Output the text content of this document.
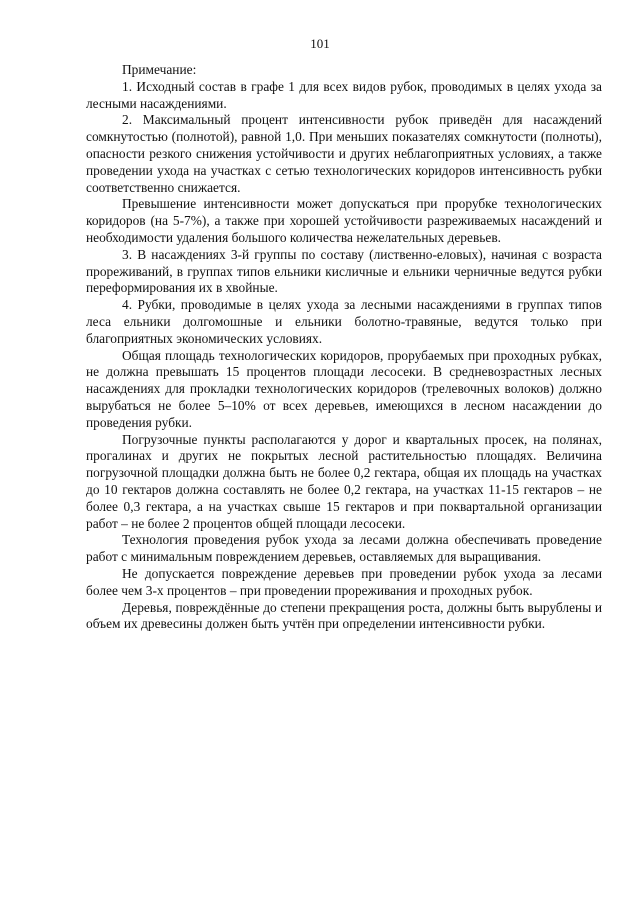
101

Примечание:

1. Исходный состав в графе 1 для всех видов рубок, проводимых в целях ухода за лесными насаждениями.

2. Максимальный процент интенсивности рубок приведён для насаждений сомкнутостью (полнотой), равной 1,0. При меньших показателях сомкнутости (полноты), опасности резкого снижения устойчивости и других неблагоприятных условиях, а также проведении ухода на участках с сетью технологических коридоров интенсивность рубки соответственно снижается.

Превышение интенсивности может допускаться при прорубке технологических коридоров (на 5-7%), а также при хорошей устойчивости разреживаемых насаждений и необходимости удаления большого количества нежелательных деревьев.

3. В насаждениях 3-й группы по составу (лиственно-еловых), начиная с возраста прореживаний, в группах типов ельники кисличные и ельники черничные ведутся рубки переформирования их в хвойные.

4. Рубки, проводимые в целях ухода за лесными насаждениями в группах типов леса ельники долгомошные и ельники болотно-травяные, ведутся только при благоприятных экономических условиях.

Общая площадь технологических коридоров, прорубаемых при проходных рубках, не должна превышать 15 процентов площади лесосеки. В средневозрастных лесных насаждениях для прокладки технологических коридоров (трелевочных волоков) должно вырубаться не более 5–10% от всех деревьев, имеющихся в лесном насаждении до проведения рубки.

Погрузочные пункты располагаются у дорог и квартальных просек, на полянах, прогалинах и других не покрытых лесной растительностью площадях. Величина погрузочной площадки должна быть не более 0,2 гектара, общая их площадь на участках до 10 гектаров должна составлять не более 0,2 гектара, на участках 11-15 гектаров – не более 0,3 гектара, а на участках свыше 15 гектаров и при поквартальной организации работ – не более 2 процентов общей площади лесосеки.

Технология проведения рубок ухода за лесами должна обеспечивать проведение работ с минимальным повреждением деревьев, оставляемых для выращивания.

Не допускается повреждение деревьев при проведении рубок ухода за лесами более чем 3-х процентов – при проведении прореживания и проходных рубок.

Деревья, повреждённые до степени прекращения роста, должны быть вырублены и объем их древесины должен быть учтён при определении интенсивности рубки.
